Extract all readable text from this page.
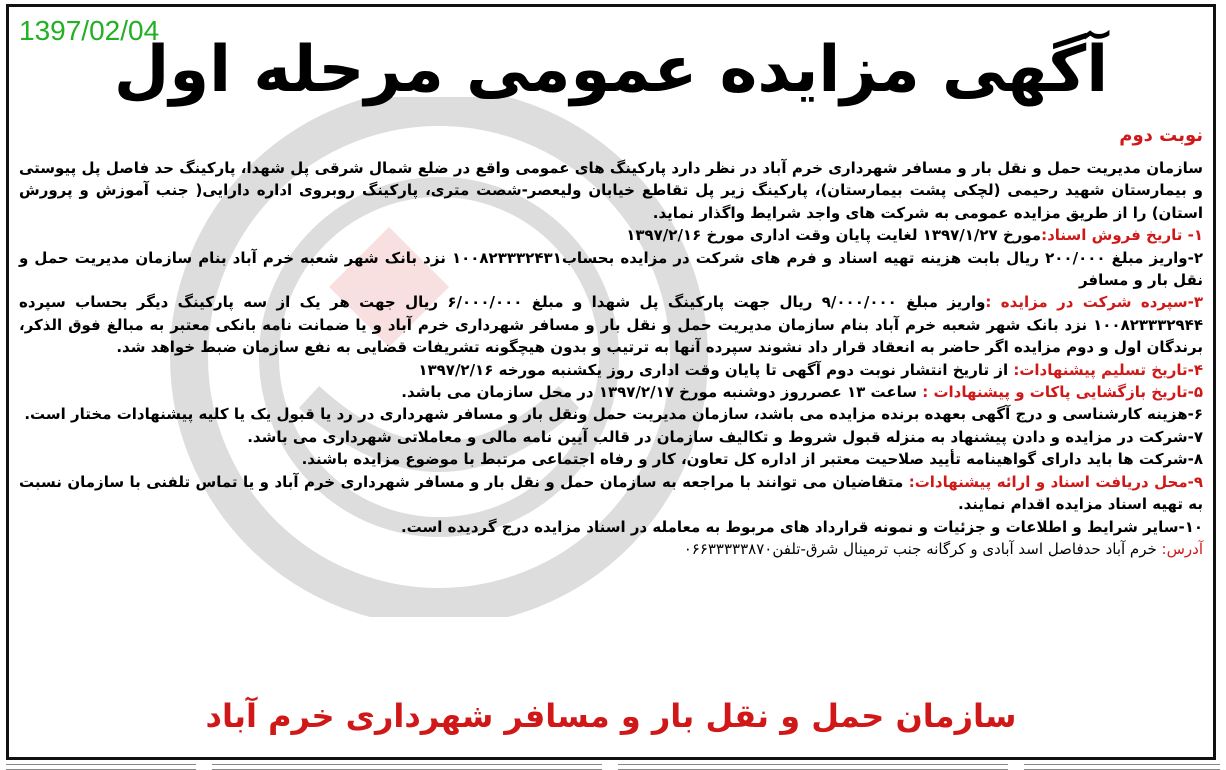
1397/02/04
آگهی مزایده عمومی مرحله اول
نوبت دوم

سازمان مدیریت حمل و نقل بار و مسافر شهرداری خرم آباد در نظر دارد پارکینگ های عمومی واقع در ضلع شمال شرقی پل شهدا، پارکینگ حد فاصل پل پیوستی و بیمارستان شهید رحیمی (لچکی پشت بیمارستان)، پارکینگ زیر پل تقاطع خیابان ولیعصر-شصت متری، پارکینگ روبروی اداره دارایی( جنب آموزش و پرورش استان) را از طریق مزایده عمومی به شرکت های واجد شرایط واگذار نماید.

۱- تاریخ فروش اسناد:مورخ ۱۳۹۷/۱/۲۷ لغایت پایان وقت اداری مورخ ۱۳۹۷/۲/۱۶

۲-واریز مبلغ ۲۰۰/۰۰۰ ریال بابت هزینه تهیه اسناد و فرم های شرکت در مزایده بحساب۱۰۰۸۲۳۳۳۲۴۳۱ نزد بانک شهر شعبه خرم آباد بنام سازمان مدیریت حمل و نقل بار و مسافر

۳-سپرده شرکت در مزایده :واریز مبلغ ۹/۰۰۰/۰۰۰ ریال جهت پارکینگ پل شهدا و مبلغ ۶/۰۰۰/۰۰۰ ریال جهت هر یک از سه پارکینگ دیگر بحساب سپرده ۱۰۰۸۲۳۳۳۲۹۴۴ نزد بانک شهر شعبه خرم آباد بنام سازمان مدیریت حمل و نقل بار و مسافر شهرداری خرم آباد و یا ضمانت نامه بانکی معتبر به مبالغ فوق الذکر، برندگان اول و دوم مزایده اگر حاضر به انعقاد قرار داد نشوند سپرده آنها به ترتیب و بدون هیچگونه تشریفات قضایی به نفع سازمان ضبط خواهد شد.

۴-تاریخ تسلیم پیشنهادات: از تاریخ انتشار نوبت دوم آگهی تا پایان وقت اداری روز یکشنبه مورخه ۱۳۹۷/۲/۱۶

۵-تاریخ بازگشایی پاکات و پیشنهادات : ساعت ۱۳ عصرروز دوشنبه مورخ ۱۳۹۷/۲/۱۷ در محل سازمان می باشد.

۶-هزینه کارشناسی و درج آگهی بعهده برنده مزایده می باشد، سازمان مدیریت حمل ونقل بار و مسافر شهرداری در رد یا قبول یک یا کلیه پیشنهادات مختار است.

۷-شرکت در مزایده و دادن پیشنهاد به منزله قبول شروط و تکالیف سازمان در قالب آیین نامه مالی و معاملاتی شهرداری می باشد.

۸-شرکت ها باید دارای گواهینامه تأیید صلاحیت معتبر از اداره کل تعاون، کار و رفاه اجتماعی مرتبط با موضوع مزایده باشند.

۹-محل دریافت اسناد و ارائه پیشنهادات: متقاضیان می توانند با مراجعه به سازمان حمل و نقل بار و مسافر شهرداری خرم آباد و یا تماس تلفنی با سازمان نسبت به تهیه اسناد مزایده اقدام نمایند.

۱۰-سایر شرایط و اطلاعات و جزئیات و نمونه قرارداد های مربوط به معامله در اسناد مزایده درج گردیده است.

آدرس: خرم آباد حدفاصل اسد آبادی و کرگانه جنب ترمینال شرق-تلفن۰۶۶۳۳۳۳۳۸۷۰

سازمان حمل و نقل بار و مسافر شهرداری خرم آباد
